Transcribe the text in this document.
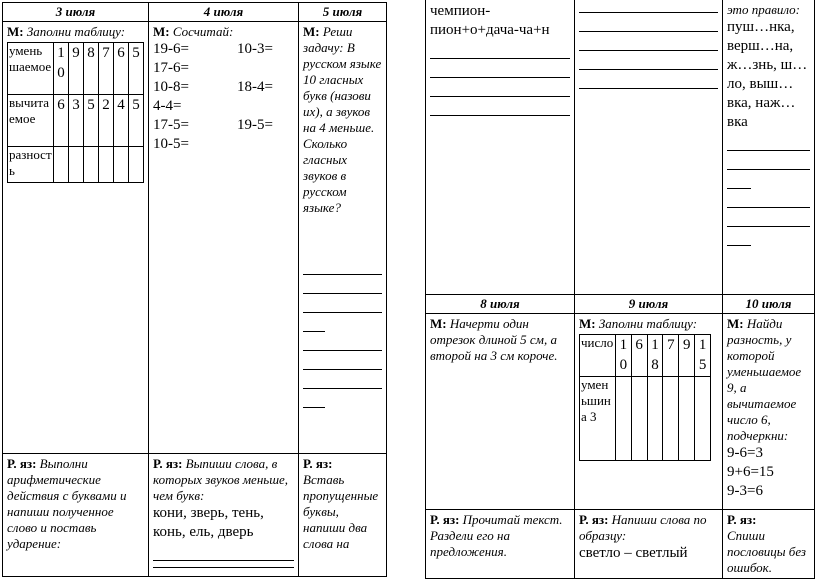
3 июля	4 июля	5 июля

М: Заполни таблицу:
уменьшаемое	10	9	8	7	6	5
вычитаемое	6	3	5	2	4	5
разность						

М: Сосчитай:
19-6=	10-3=
17-6=
10-8=	18-4=
4-4=
17-5=	19-5=
10-5=

М: Реши задачу: В русском языке 10 гласных букв (назови их), а звуков на 4 меньше. Сколько гласных звуков в русском языке?

Р. яз: Выполни арифметические действия с буквами и напиши полученное слово и поставь ударение:	
Р. яз: Выпиши слова, в которых звуков меньше, чем букв:
кони, зверь, тень, конь, ель, дверь
	Р. яз:
Вставь пропущенные буквы, напиши два слова на
чемпион-пион+о+дача-ча+н

это правило:
пуш…нка, верш…на, ж…знь, ш…ло, выш…вка, наж…вка

8 июля	9 июля	10 июля
М: Начерти один отрезок длиной 5 см, а второй на 3 см короче.	
М: Заполни таблицу:
число	10	6	18	7	9	15
уменьшина 3						

М: Найди разность, у которой уменьшаемое 9, а вычитаемое число 6, подчеркни:
9-6=3
9+6=15
9-3=6

Р. яз: Прочитай текст. Раздели его на предложения.	
Р. яз: Напиши слова по образцу:
светло – светлый
	Р. яз:
Спиши пословицы без ошибок.
